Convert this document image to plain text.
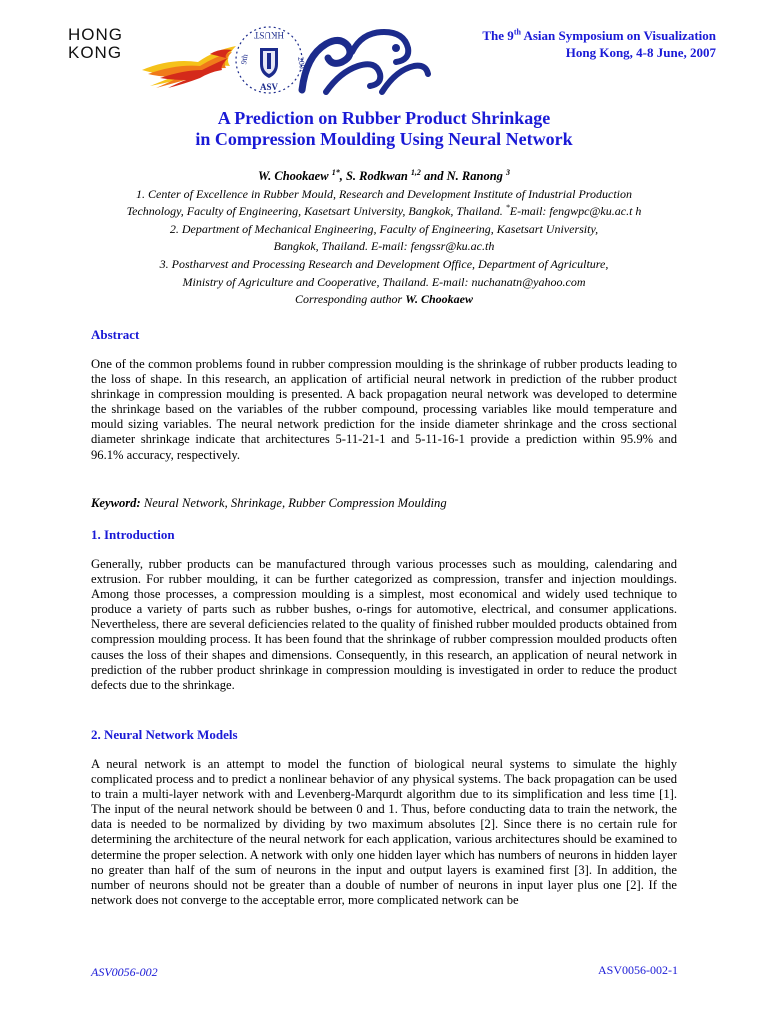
HONG
KONG
HKUST
ASV
9th	2007
The 9th Asian Symposium on Visualization
Hong Kong, 4-8 June, 2007
A Prediction on Rubber Product Shrinkage
in Compression Moulding Using Neural Network
W. Chookaew $^{1*}$, S. Rodkwan $^{1,2}$ and N. Ranong $^3$
1. Center of Excellence in Rubber Mould, Research and Development Institute of Industrial Production
Technology, Faculty of Engineering, Kasetsart University, Bangkok, Thailand. *E-mail: fengwpc@ku.ac.t h
2. Department of Mechanical Engineering, Faculty of Engineering, Kasetsart University,
Bangkok, Thailand. E-mail: fengssr@ku.ac.th
3. Postharvest and Processing Research and Development Office, Department of Agriculture,
Ministry of Agriculture and Cooperative, Thailand. E-mail: nuchanatn@yahoo.com
Corresponding author W. Chookaew
Abstract

One of the common problems found in rubber compression moulding is the shrinkage of rubber products leading to the loss of shape. In this research, an application of artificial neural network in prediction of the rubber product shrinkage in compression moulding is presented. A back propagation neural network was developed to determine the shrinkage based on the variables of the rubber compound, processing variables like mould temperature and mould sizing variables. The neural network prediction for the inside diameter shrinkage and the cross sectional diameter shrinkage indicate that architectures 5-11-21-1 and 5-11-16-1 provide a prediction within 95.9% and 96.1% accuracy, respectively.

Keyword: Neural Network, Shrinkage, Rubber Compression Moulding
1. Introduction

Generally, rubber products can be manufactured through various processes such as moulding, calendaring and extrusion. For rubber moulding, it can be further categorized as compression, transfer and injection mouldings. Among those processes, a compression moulding is a simplest, most economical and widely used technique to produce a variety of parts such as rubber bushes, o-rings for automotive, electrical, and consumer applications. Nevertheless, there are several deficiencies related to the quality of finished rubber moulded products obtained from compression moulding process. It has been found that the shrinkage of rubber compression moulded products often causes the loss of their shapes and dimensions. Consequently, in this research, an application of neural network in prediction of the rubber product shrinkage in compression moulding is investigated in order to reduce the product defects due to the shrinkage.

2. Neural Network Models

A neural network is an attempt to model the function of biological neural systems to simulate the highly complicated process and to predict a nonlinear behavior of any physical systems. The back propagation can be used to train a multi-layer network with and Levenberg-Marqurdt algorithm due to its simplification and less time [1]. The input of the neural network should be between 0 and 1. Thus, before conducting data to train the network, the data is needed to be normalized by dividing by two maximum absolutes [2]. Since there is no certain rule for determining the architecture of the neural network for each application, various architectures should be examined to determine the proper selection. A network with only one hidden layer which has numbers of neurons in hidden layer no greater than half of the sum of neurons in the input and output layers is examined first [3]. In addition, the number of neurons should not be greater than a double of number of neurons in input layer plus one [2]. If the network does not converge to the acceptable error, more complicated network can be

ASV0056-002	ASV0056-002-1
